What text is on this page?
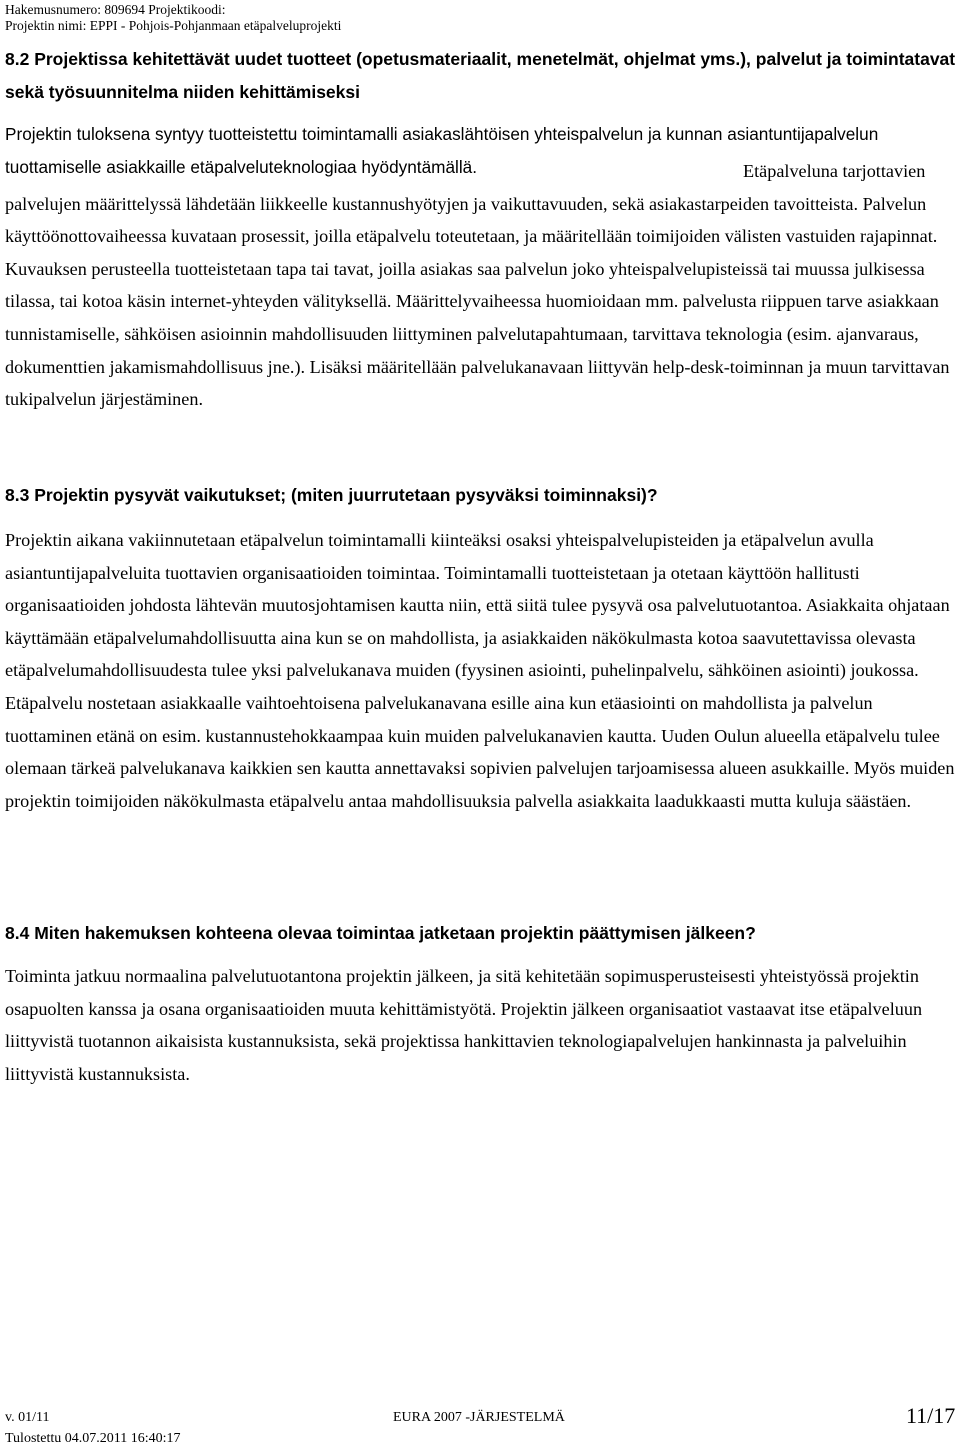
Hakemusnumero: 809694 Projektikoodi:
Projektin nimi: EPPI - Pohjois-Pohjanmaan etäpalveluprojekti
8.2 Projektissa kehitettävät uudet tuotteet (opetusmateriaalit, menetelmät, ohjelmat yms.), palvelut ja toimintatavat sekä työsuunnitelma niiden kehittämiseksi

Projektin tuloksena syntyy tuotteistettu toimintamalli asiakaslähtöisen yhteispalvelun ja kunnan asiantuntijapalvelun tuottamiselle asiakkaille etäpalveluteknologiaa hyödyntämällä.	Etäpalveluna tarjottavien palvelujen määrittelyssä lähdetään liikkeelle kustannushyötyjen ja vaikuttavuuden, sekä asiakastarpeiden tavoitteista. Palvelun käyttöönottovaiheessa kuvataan prosessit, joilla etäpalvelu toteutetaan, ja määritellään toimijoiden välisten vastuiden rajapinnat. Kuvauksen perusteella tuotteistetaan tapa tai tavat, joilla asiakas saa palvelun joko yhteispalvelupisteissä tai muussa julkisessa tilassa, tai kotoa käsin internet-yhteyden välityksellä. Määrittelyvaiheessa huomioidaan mm. palvelusta riippuen tarve asiakkaan tunnistamiselle, sähköisen asioinnin mahdollisuuden liittyminen palvelutapahtumaan, tarvittava teknologia (esim. ajanvaraus, dokumenttien jakamismahdollisuus jne.). Lisäksi määritellään palvelukanavaan liittyvän help-desk-toiminnan ja muun tarvittavan tukipalvelun järjestäminen.

8.3 Projektin pysyvät vaikutukset; (miten juurrutetaan pysyväksi toiminnaksi)?

Projektin aikana vakiinnutetaan etäpalvelun toimintamalli kiinteäksi osaksi yhteispalvelupisteiden ja etäpalvelun avulla asiantuntijapalveluita tuottavien organisaatioiden toimintaa. Toimintamalli tuotteistetaan ja otetaan käyttöön hallitusti organisaatioiden johdosta lähtevän muutosjohtamisen kautta niin, että siitä tulee pysyvä osa palvelutuotantoa. Asiakkaita ohjataan käyttämään etäpalvelumahdollisuutta aina kun se on mahdollista, ja asiakkaiden näkökulmasta kotoa saavutettavissa olevasta etäpalvelumahdollisuudesta tulee yksi palvelukanava muiden (fyysinen asiointi, puhelinpalvelu, sähköinen asiointi) joukossa. Etäpalvelu nostetaan asiakkaalle vaihtoehtoisena palvelukanavana esille aina kun etäasiointi on mahdollista ja palvelun tuottaminen etänä on esim. kustannustehokkaampaa kuin muiden palvelukanavien kautta. Uuden Oulun alueella etäpalvelu tulee olemaan tärkeä palvelukanava kaikkien sen kautta annettavaksi sopivien palvelujen tarjoamisessa alueen asukkaille. Myös muiden projektin toimijoiden näkökulmasta etäpalvelu antaa mahdollisuuksia palvella asiakkaita laadukkaasti mutta kuluja säästäen.

8.4 Miten hakemuksen kohteena olevaa toimintaa jatketaan projektin päättymisen jälkeen?

Toiminta jatkuu normaalina palvelutuotantona projektin jälkeen, ja sitä kehitetään sopimusperusteisesti yhteistyössä projektin osapuolten kanssa ja osana organisaatioiden muuta kehittämistyötä. Projektin jälkeen organisaatiot vastaavat itse etäpalveluun liittyvistä tuotannon aikaisista kustannuksista, sekä projektissa hankittavien teknologiapalvelujen hankinnasta ja palveluihin liittyvistä kustannuksista.

v. 01/11	EURA 2007 -JÄRJESTELMÄ	11/17
Tulostettu 04.07.2011 16:40:17
